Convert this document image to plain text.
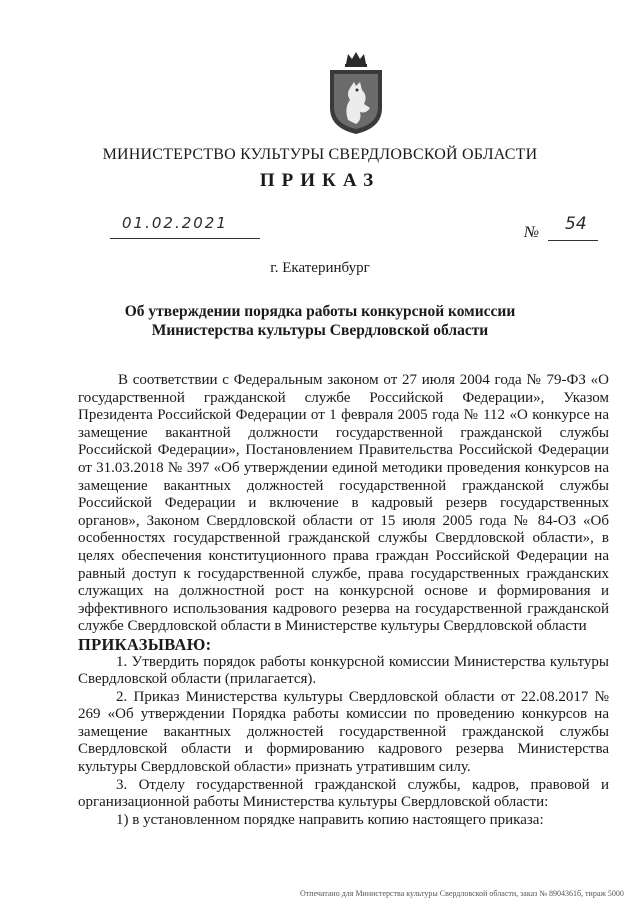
МИНИСТЕРСТВО КУЛЬТУРЫ СВЕРДЛОВСКОЙ ОБЛАСТИ
ПРИКАЗ
01.02.2021
№ 54
г. Екатеринбург
Об утверждении порядка работы конкурсной комиссии Министерства культуры Свердловской области

В соответствии с Федеральным законом от 27 июля 2004 года № 79-ФЗ «О государственной гражданской службе Российской Федерации», Указом Президента Российской Федерации от 1 февраля 2005 года № 112 «О конкурсе на замещение вакантной должности государственной гражданской службы Российской Федерации», Постановлением Правительства Российской Федерации от 31.03.2018 № 397 «Об утверждении единой методики проведения конкурсов на замещение вакантных должностей государственной гражданской службы Российской Федерации и включение в кадровый резерв государственных органов», Законом Свердловской области от 15 июля 2005 года № 84-ОЗ «Об особенностях государственной гражданской службы Свердловской области», в целях обеспечения конституционного права граждан Российской Федерации на равный доступ к государственной службе, права государственных гражданских служащих на должностной рост на конкурсной основе и формирования и эффективного использования кадрового резерва на государственной гражданской службе Свердловской области в Министерстве культуры Свердловской области

ПРИКАЗЫВАЮ:

1. Утвердить порядок работы конкурсной комиссии Министерства культуры Свердловской области (прилагается).

2. Приказ Министерства культуры Свердловской области от 22.08.2017 № 269 «Об утверждении Порядка работы комиссии по проведению конкурсов на замещение вакантных должностей государственной гражданской службы Свердловской области и формированию кадрового резерва Министерства культуры Свердловской области» признать утратившим силу.

3. Отделу государственной гражданской службы, кадров, правовой и организационной работы Министерства культуры Свердловской области:

1) в установленном порядке направить копию настоящего приказа:

Отпечатано для Министерства культуры Свердловской области, заказ № 8904361б, тираж 5000
